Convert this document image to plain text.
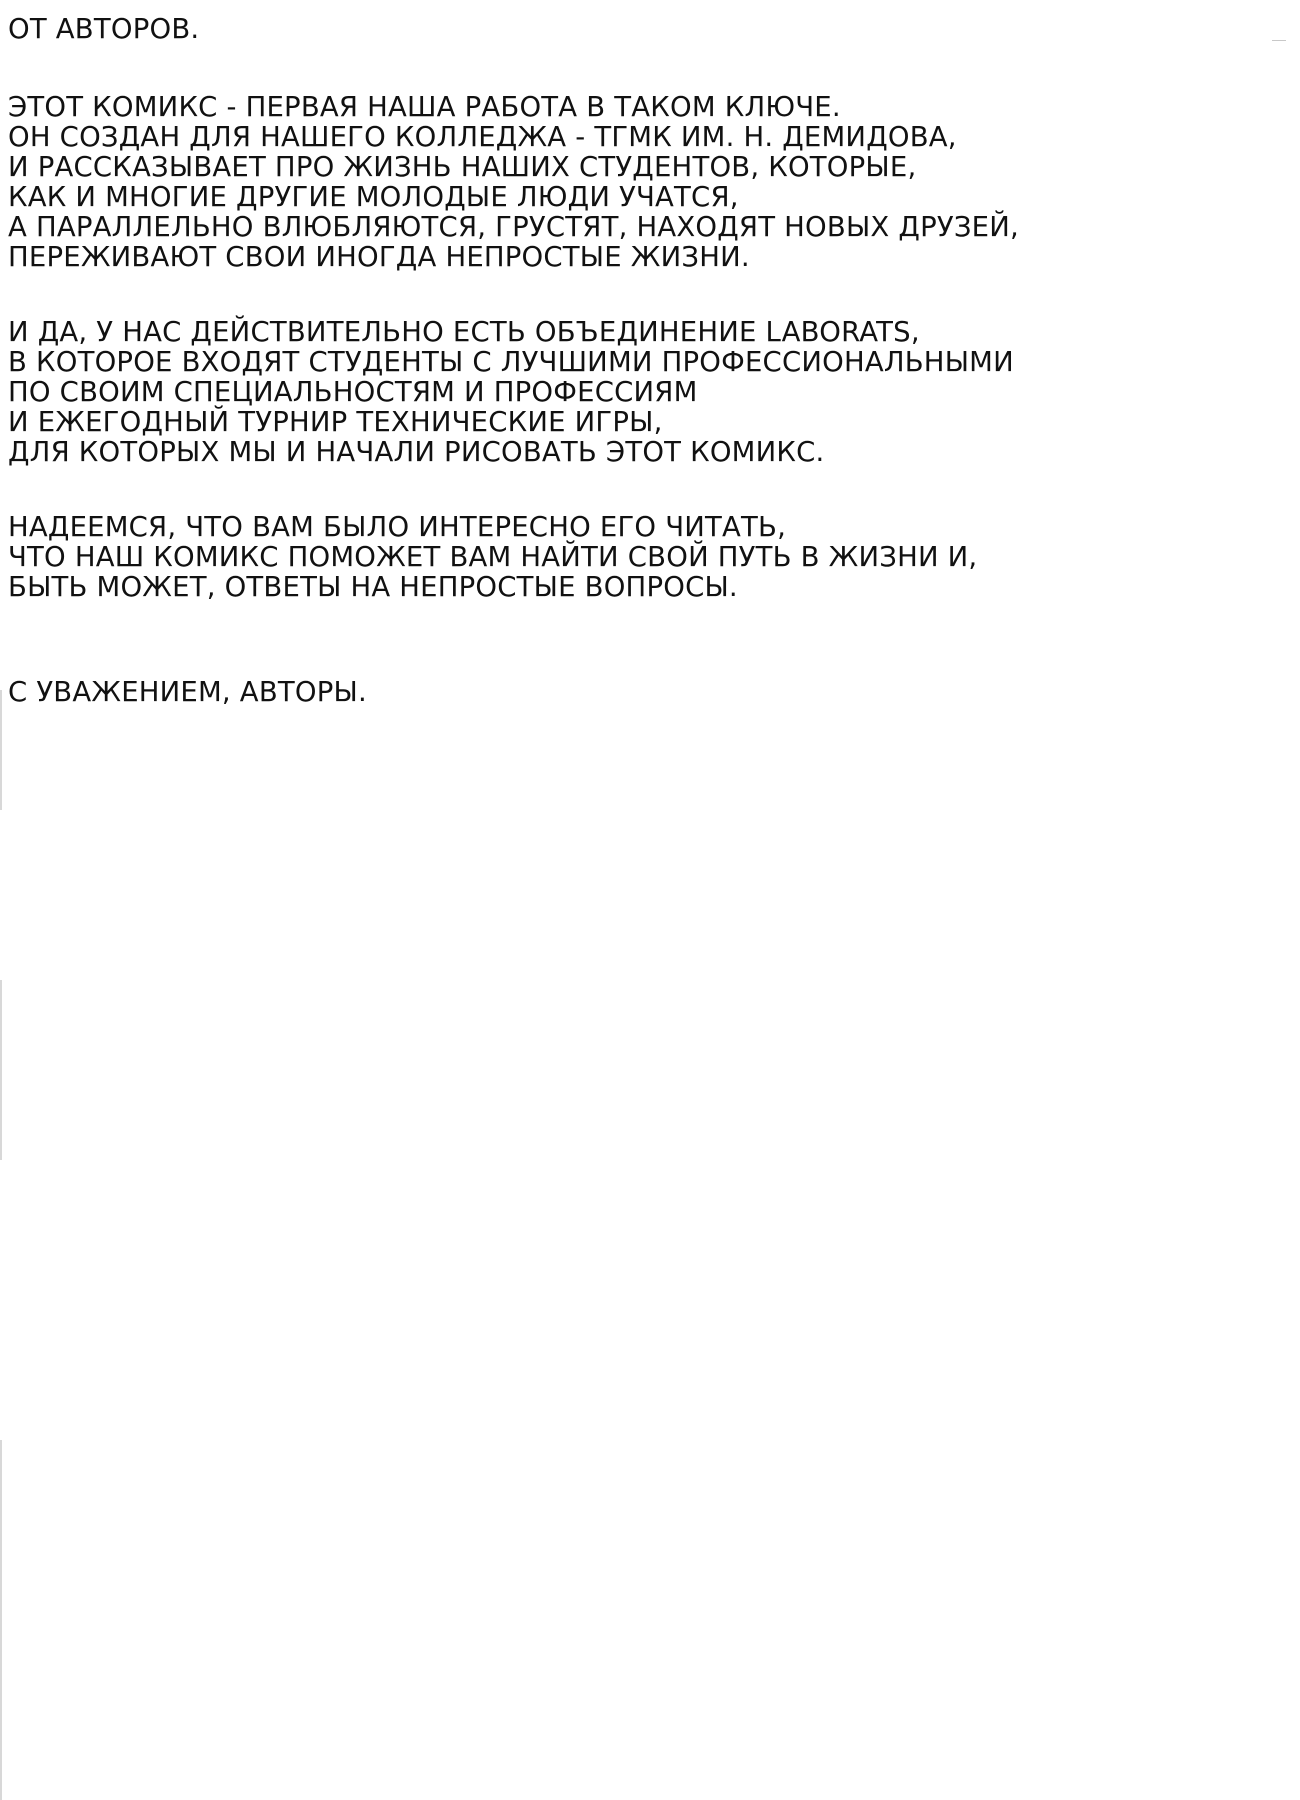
ОТ АВТОРОВ.
ЭТОТ КОМИКС - ПЕРВАЯ НАША РАБОТА В ТАКОМ КЛЮЧЕ.
ОН СОЗДАН ДЛЯ НАШЕГО КОЛЛЕДЖА - ТГМК ИМ. Н. ДЕМИДОВА,
И РАССКАЗЫВАЕТ ПРО ЖИЗНЬ НАШИХ СТУДЕНТОВ, КОТОРЫЕ,
КАК И МНОГИЕ ДРУГИЕ МОЛОДЫЕ ЛЮДИ УЧАТСЯ,
А ПАРАЛЛЕЛЬНО ВЛЮБЛЯЮТСЯ, ГРУСТЯТ, НАХОДЯТ НОВЫХ ДРУЗЕЙ,
ПЕРЕЖИВАЮТ СВОИ ИНОГДА НЕПРОСТЫЕ ЖИЗНИ.
И ДА, У НАС ДЕЙСТВИТЕЛЬНО ЕСТЬ ОБЪЕДИНЕНИЕ LABORATS,
В КОТОРОЕ ВХОДЯТ СТУДЕНТЫ С ЛУЧШИМИ ПРОФЕССИОНАЛЬНЫМИ
ПО СВОИМ СПЕЦИАЛЬНОСТЯМ И ПРОФЕССИЯМ
И ЕЖЕГОДНЫЙ ТУРНИР ТЕХНИЧЕСКИЕ ИГРЫ,
ДЛЯ КОТОРЫХ МЫ И НАЧАЛИ РИСОВАТЬ ЭТОТ КОМИКС.
НАДЕЕМСЯ, ЧТО ВАМ БЫЛО ИНТЕРЕСНО ЕГО ЧИТАТЬ,
ЧТО НАШ КОМИКС ПОМОЖЕТ ВАМ НАЙТИ СВОЙ ПУТЬ В ЖИЗНИ И,
БЫТЬ МОЖЕТ, ОТВЕТЫ НА НЕПРОСТЫЕ ВОПРОСЫ.
С УВАЖЕНИЕМ, АВТОРЫ.
